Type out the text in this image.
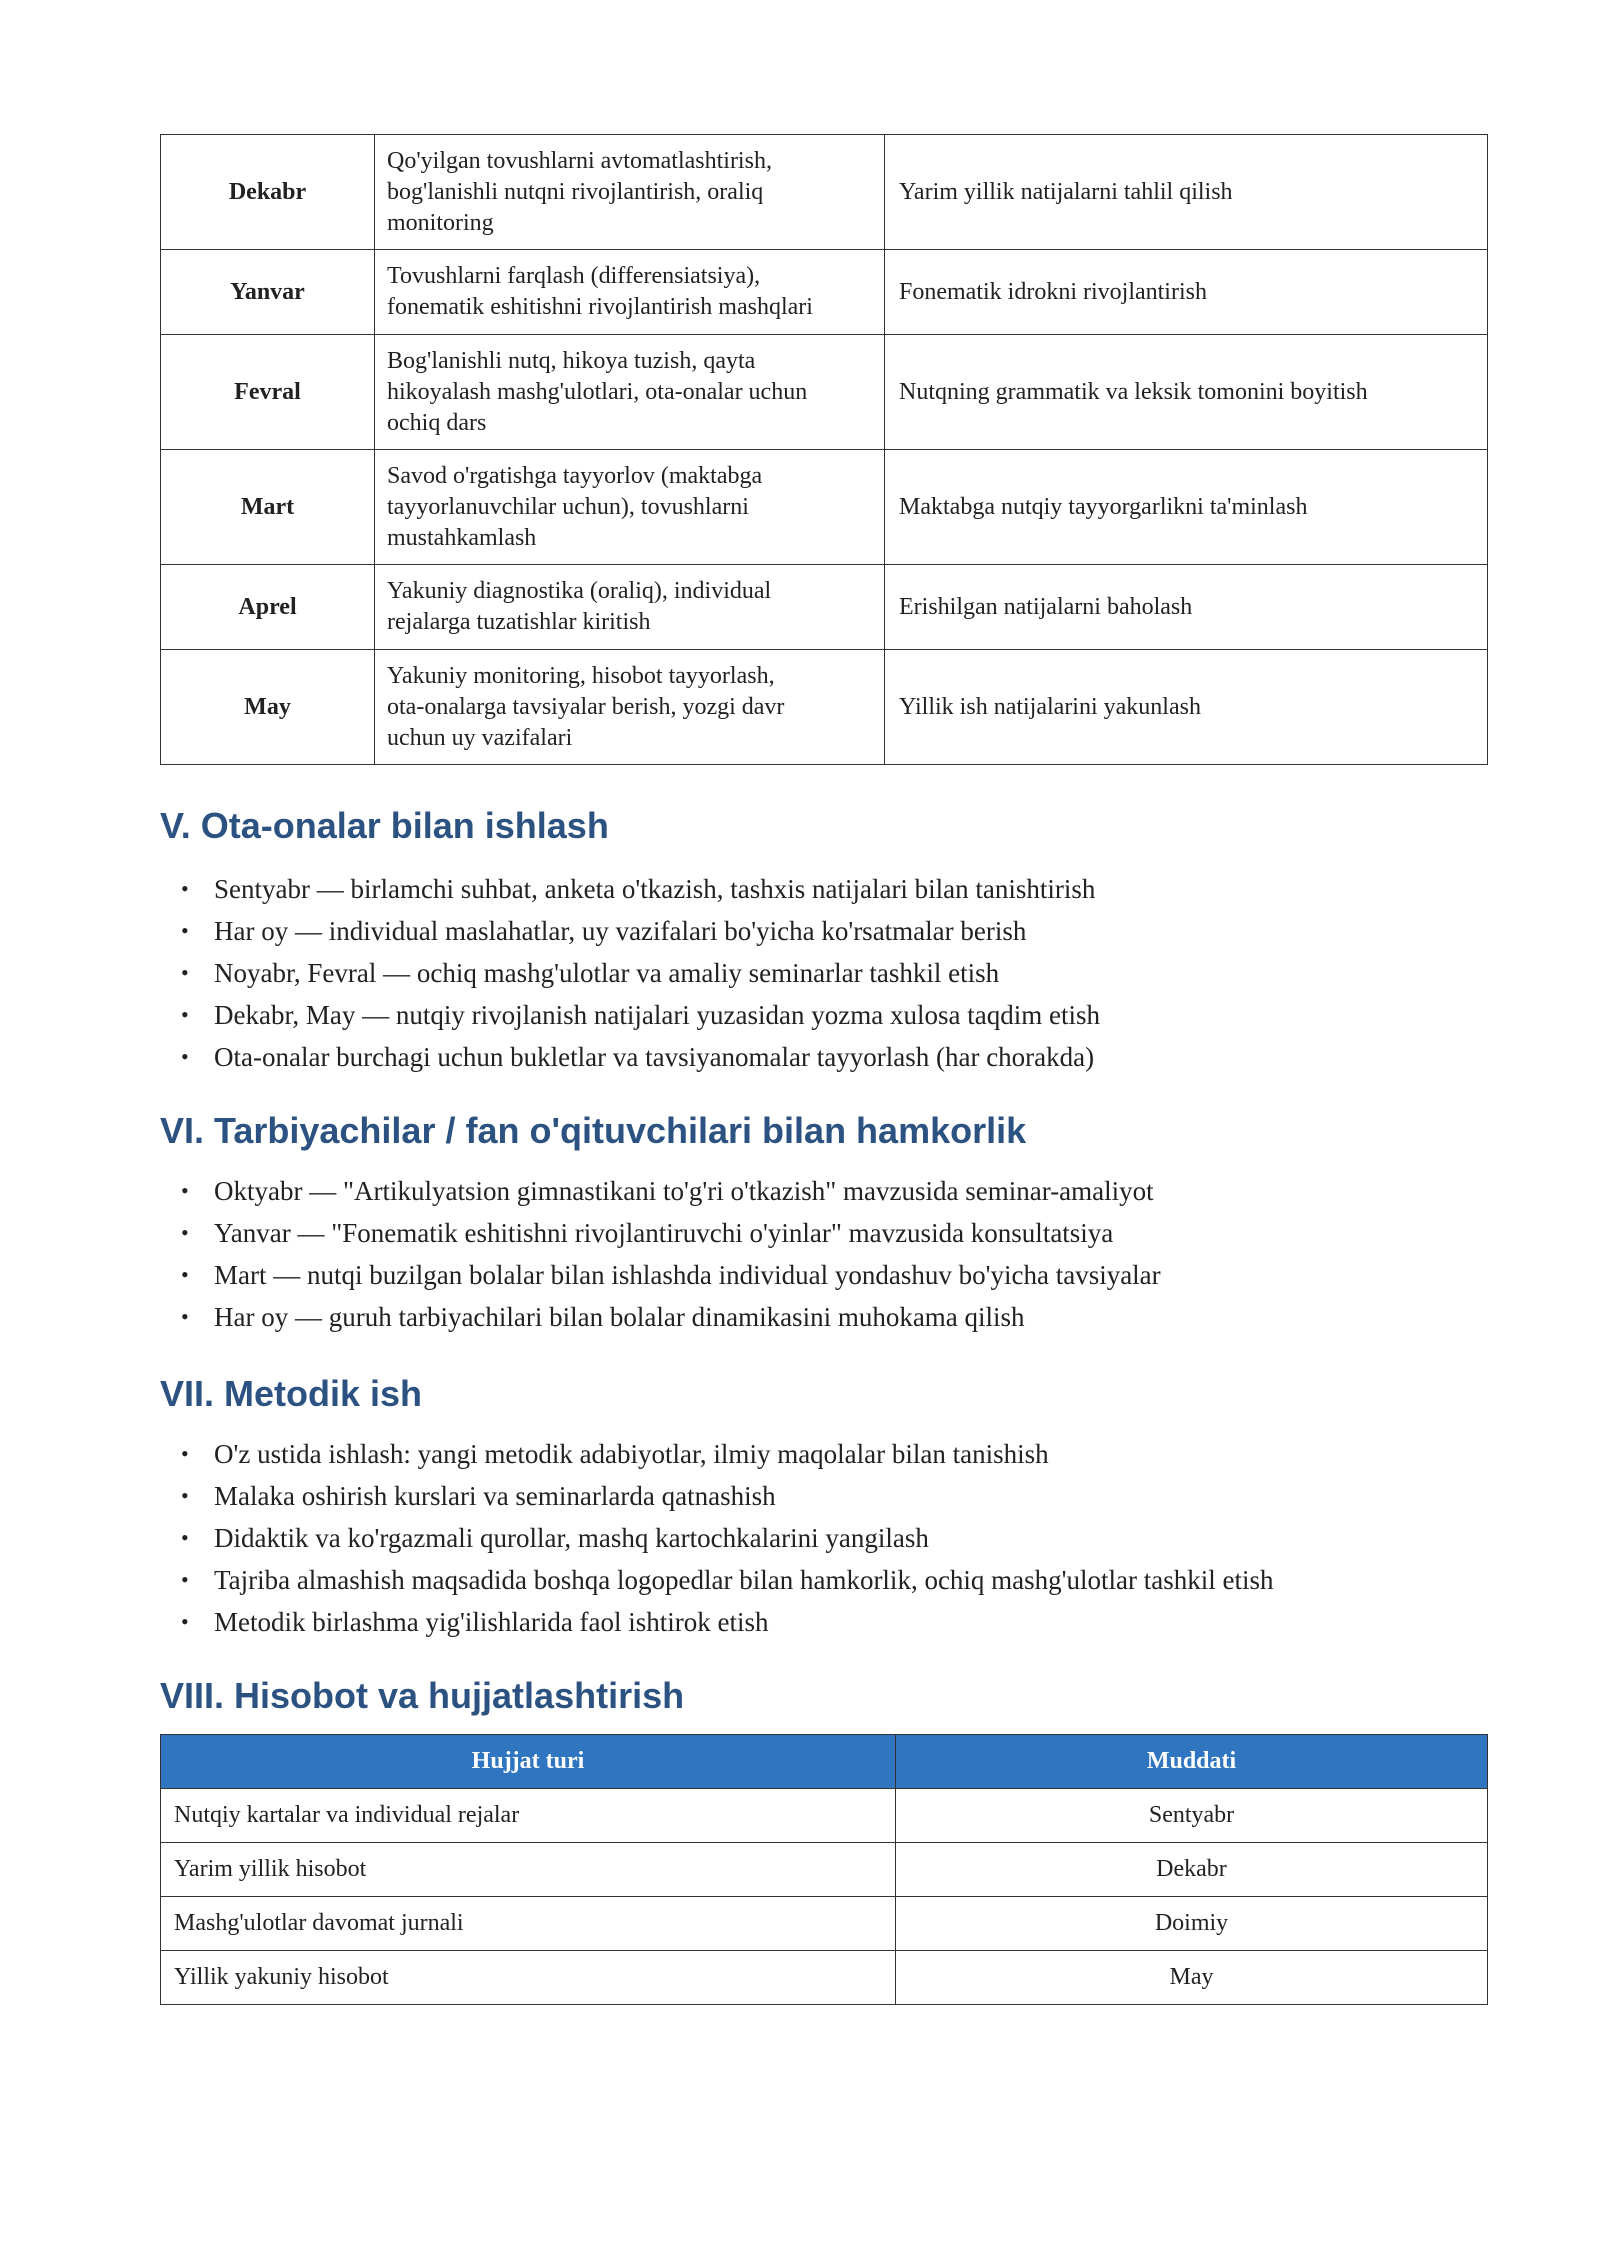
Dekabr	Qo'yilgan tovushlarni avtomatlashtirish,
bog'lanishli nutqni rivojlantirish, oraliq
monitoring	Yarim yillik natijalarni tahlil qilish
Yanvar	Tovushlarni farqlash (differensiatsiya),
fonematik eshitishni rivojlantirish mashqlari	Fonematik idrokni rivojlantirish
Fevral	Bog'lanishli nutq, hikoya tuzish, qayta
hikoyalash mashg'ulotlari, ota-onalar uchun
ochiq dars	Nutqning grammatik va leksik tomonini boyitish
Mart	Savod o'rgatishga tayyorlov (maktabga
tayyorlanuvchilar uchun), tovushlarni
mustahkamlash	Maktabga nutqiy tayyorgarlikni ta'minlash
Aprel	Yakuniy diagnostika (oraliq), individual
rejalarga tuzatishlar kiritish	Erishilgan natijalarni baholash
May	Yakuniy monitoring, hisobot tayyorlash,
ota-onalarga tavsiyalar berish, yozgi davr
uchun uy vazifalari	Yillik ish natijalarini yakunlash
V. Ota-onalar bilan ishlash
• Sentyabr — birlamchi suhbat, anketa o'tkazish, tashxis natijalari bilan tanishtirish
• Har oy — individual maslahatlar, uy vazifalari bo'yicha ko'rsatmalar berish
• Noyabr, Fevral — ochiq mashg'ulotlar va amaliy seminarlar tashkil etish
• Dekabr, May — nutqiy rivojlanish natijalari yuzasidan yozma xulosa taqdim etish
• Ota-onalar burchagi uchun bukletlar va tavsiyanomalar tayyorlash (har chorakda)
VI. Tarbiyachilar / fan o'qituvchilari bilan hamkorlik
• Oktyabr — "Artikulyatsion gimnastikani to'g'ri o'tkazish" mavzusida seminar-amaliyot
• Yanvar — "Fonematik eshitishni rivojlantiruvchi o'yinlar" mavzusida konsultatsiya
• Mart — nutqi buzilgan bolalar bilan ishlashda individual yondashuv bo'yicha tavsiyalar
• Har oy — guruh tarbiyachilari bilan bolalar dinamikasini muhokama qilish
VII. Metodik ish
• O'z ustida ishlash: yangi metodik adabiyotlar, ilmiy maqolalar bilan tanishish
• Malaka oshirish kurslari va seminarlarda qatnashish
• Didaktik va ko'rgazmali qurollar, mashq kartochkalarini yangilash
• Tajriba almashish maqsadida boshqa logopedlar bilan hamkorlik, ochiq mashg'ulotlar tashkil etish
• Metodik birlashma yig'ilishlarida faol ishtirok etish
VIII. Hisobot va hujjatlashtirish
Hujjat turi	Muddati
Nutqiy kartalar va individual rejalar	Sentyabr
Yarim yillik hisobot	Dekabr
Mashg'ulotlar davomat jurnali	Doimiy
Yillik yakuniy hisobot	May
